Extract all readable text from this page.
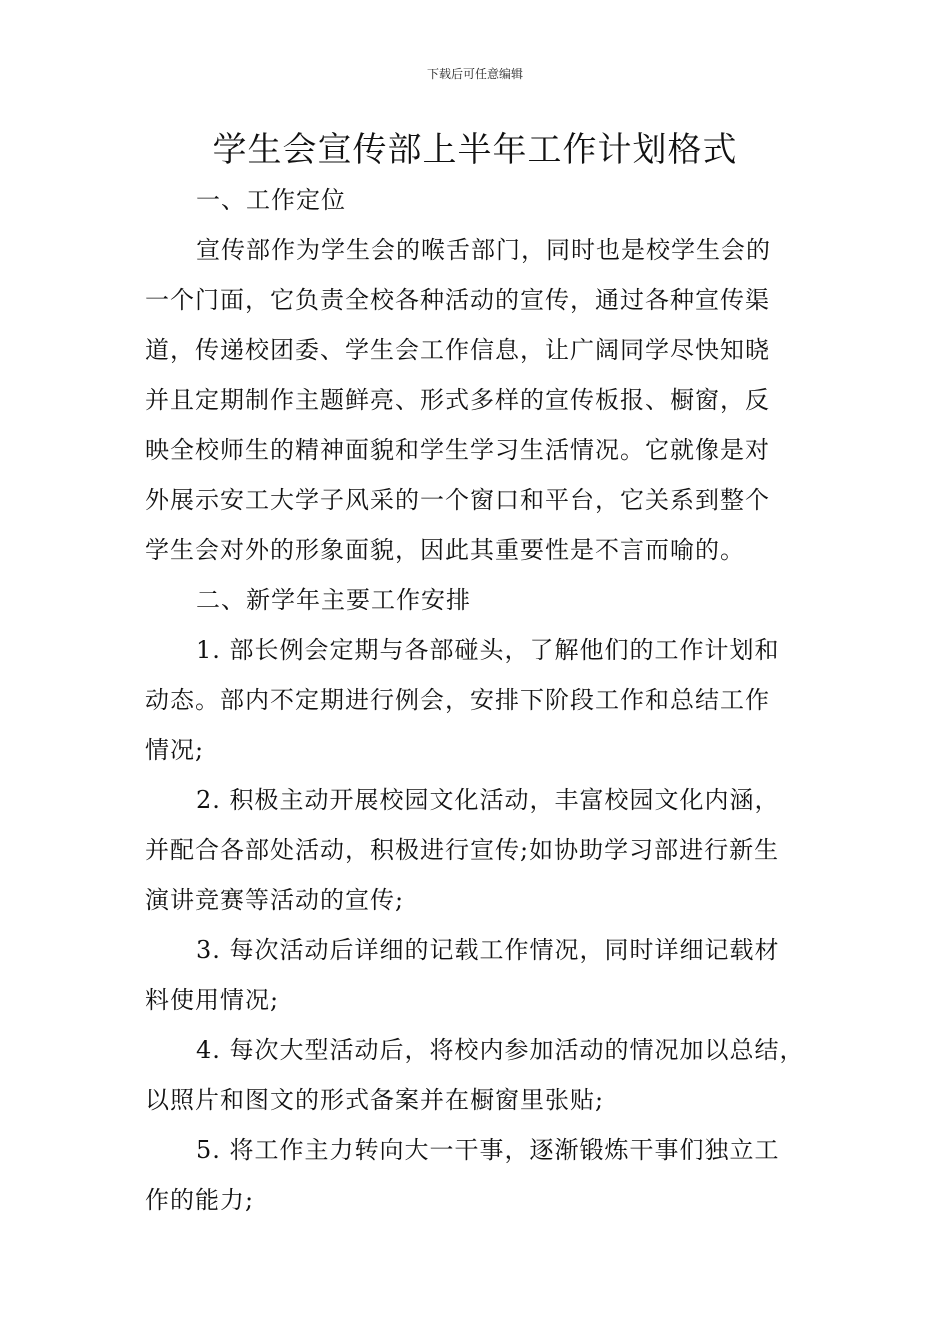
下载后可任意编辑
学生会宣传部上半年工作计划格式
一、工作定位
宣传部作为学生会的喉舌部门，同时也是校学生会的
一个门面，它负责全校各种活动的宣传，通过各种宣传渠
道，传递校团委、学生会工作信息，让广阔同学尽快知晓
并且定期制作主题鲜亮、形式多样的宣传板报、橱窗，反
映全校师生的精神面貌和学生学习生活情况。它就像是对
外展示安工大学子风采的一个窗口和平台，它关系到整个
学生会对外的形象面貌，因此其重要性是不言而喻的。
二、新学年主要工作安排
1. 部长例会定期与各部碰头，了解他们的工作计划和
动态。部内不定期进行例会，安排下阶段工作和总结工作
情况;
2. 积极主动开展校园文化活动，丰富校园文化内涵，
并配合各部处活动，积极进行宣传;如协助学习部进行新生
演讲竞赛等活动的宣传;
3. 每次活动后详细的记载工作情况，同时详细记载材
料使用情况;
4. 每次大型活动后，将校内参加活动的情况加以总结，
以照片和图文的形式备案并在橱窗里张贴;
5. 将工作主力转向大一干事，逐渐锻炼干事们独立工
作的能力;
